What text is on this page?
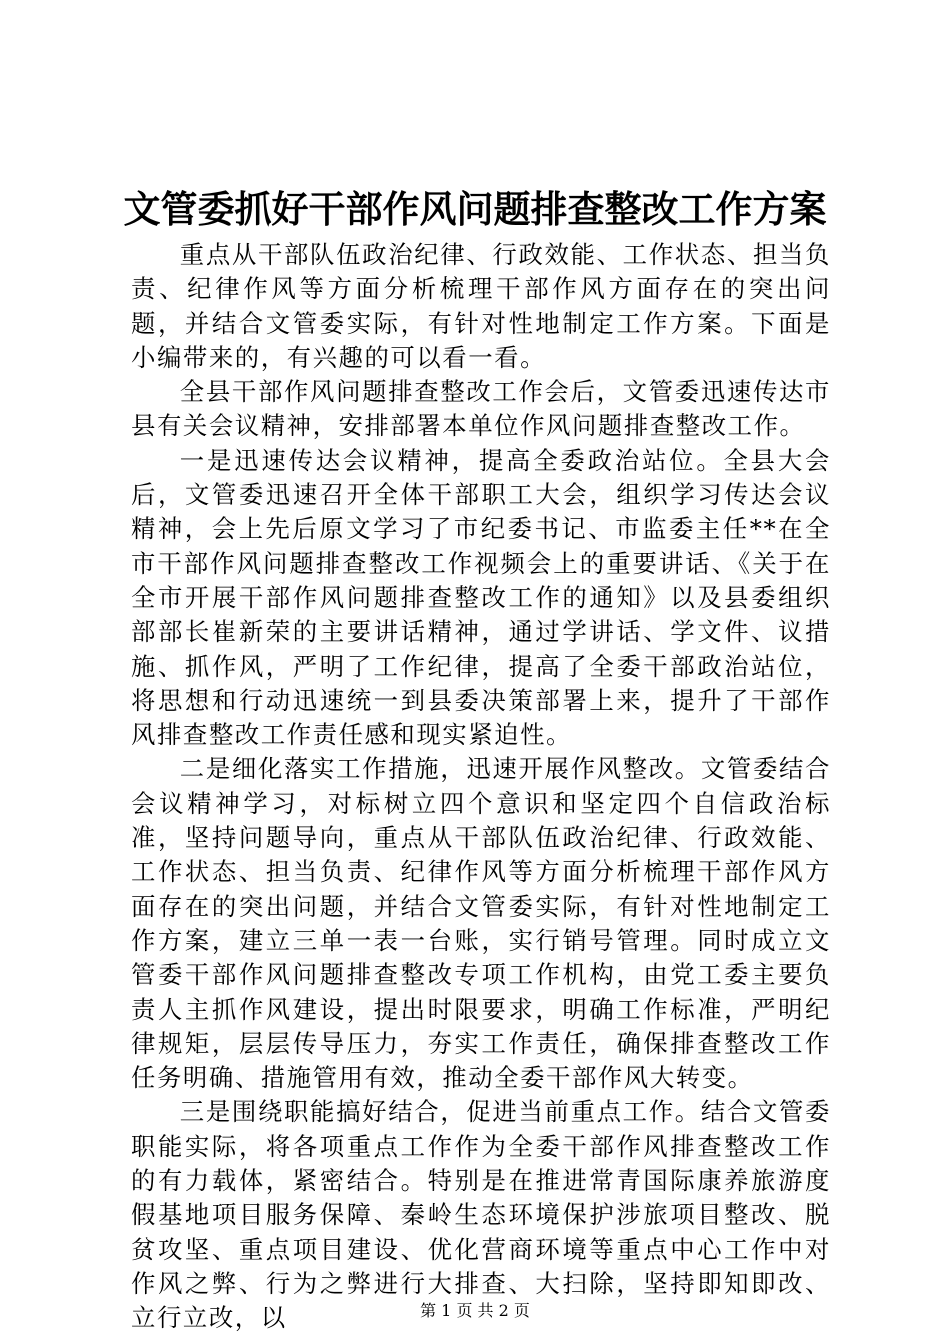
文管委抓好干部作风问题排查整改工作方案

重点从干部队伍政治纪律、行政效能、工作状态、担当负责、纪律作风等方面分析梳理干部作风方面存在的突出问题，并结合文管委实际，有针对性地制定工作方案。下面是小编带来的，有兴趣的可以看一看。

全县干部作风问题排查整改工作会后，文管委迅速传达市县有关会议精神，安排部署本单位作风问题排查整改工作。

一是迅速传达会议精神，提高全委政治站位。全县大会后，文管委迅速召开全体干部职工大会，组织学习传达会议精神，会上先后原文学习了市纪委书记、市监委主任**在全市干部作风问题排查整改工作视频会上的重要讲话、《关于在全市开展干部作风问题排查整改工作的通知》以及县委组织部部长崔新荣的主要讲话精神，通过学讲话、学文件、议措施、抓作风，严明了工作纪律，提高了全委干部政治站位，将思想和行动迅速统一到县委决策部署上来，提升了干部作风排查整改工作责任感和现实紧迫性。

二是细化落实工作措施，迅速开展作风整改。文管委结合会议精神学习，对标树立四个意识和坚定四个自信政治标准，坚持问题导向，重点从干部队伍政治纪律、行政效能、工作状态、担当负责、纪律作风等方面分析梳理干部作风方面存在的突出问题，并结合文管委实际，有针对性地制定工作方案，建立三单一表一台账，实行销号管理。同时成立文管委干部作风问题排查整改专项工作机构，由党工委主要负责人主抓作风建设，提出时限要求，明确工作标准，严明纪律规矩，层层传导压力，夯实工作责任，确保排查整改工作任务明确、措施管用有效，推动全委干部作风大转变。

三是围绕职能搞好结合，促进当前重点工作。结合文管委职能实际，将各项重点工作作为全委干部作风排查整改工作的有力载体，紧密结合。特别是在推进常青国际康养旅游度假基地项目服务保障、秦岭生态环境保护涉旅项目整改、脱贫攻坚、重点项目建设、优化营商环境等重点中心工作中对作风之弊、行为之弊进行大排查、大扫除，坚持即知即改、立行立改，以	第 1 页 共 2 页
